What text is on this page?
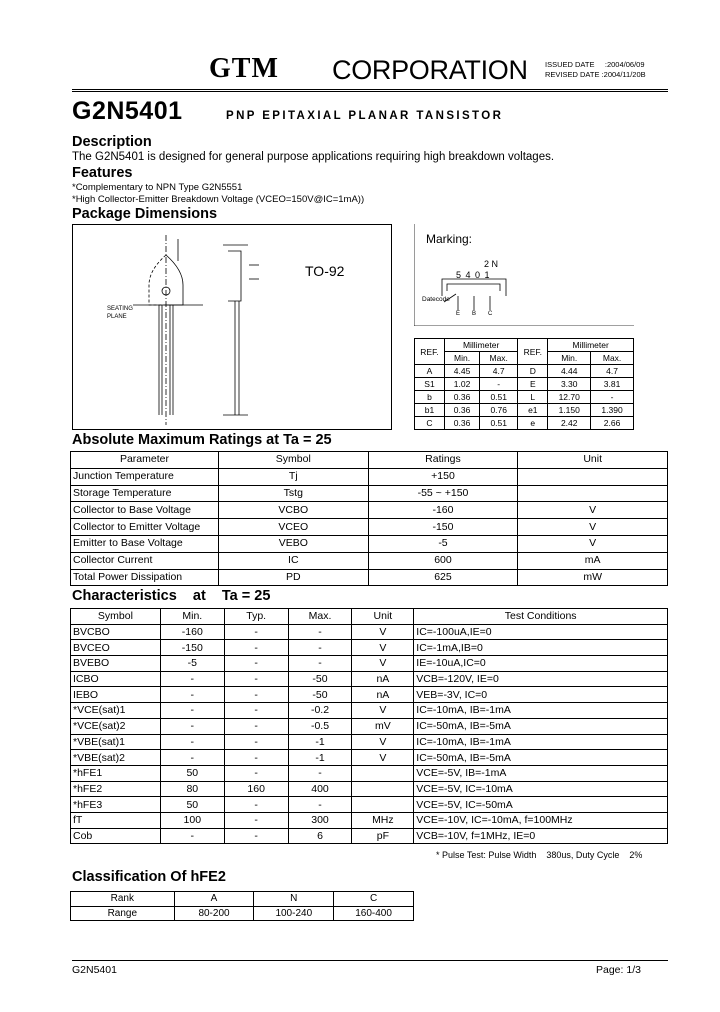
GTM CORPORATION ISSUED DATE :2004/06/09
REVISED DATE :2004/11/20B
G2N5401	PNP EPITAXIAL PLANAR TANSISTOR
Description
The G2N5401 is designed for general purpose applications requiring high breakdown voltages.
Features
*Complementary to NPN Type G2N5551
*High Collector-Emitter Breakdown Voltage (VCEO=150V@IC=1mA))
Package Dimensions
TO-92
SEATING PLANE
Marking:
2 N
5 4 0 1
Datecode
E B C
REF.	Millimeter		REF.	Millimeter	
	Min.	Max.		Min.	Max.
A	4.45	4.7	D	4.44	4.7
S1	1.02	-	E	3.30	3.81
b	0.36	0.51	L	12.70	-
b1	0.36	0.76	e1	1.150	1.390
C	0.36	0.51	e	2.42	2.66
Absolute Maximum Ratings at Ta = 25
Parameter	Symbol	Ratings	Unit
Junction Temperature	Tj	+150	
Storage Temperature	Tstg	-55 ~ +150	
Collector to Base Voltage	VCBO	-160	V
Collector to Emitter Voltage	VCEO	-150	V
Emitter to Base Voltage	VEBO	-5	V
Collector Current	IC	600	mA
Total Power Dissipation	PD	625	mW
Characteristics    at    Ta = 25
Symbol	Min.	Typ.	Max.	Unit	Test Conditions
BVCBO	-160	-	-	V	IC=-100uA,IE=0
BVCEO	-150	-	-	V	IC=-1mA,IB=0
BVEBO	-5	-	-	V	IE=-10uA,IC=0
ICBO	-	-	-50	nA	VCB=-120V, IE=0
IEBO	-	-	-50	nA	VEB=-3V, IC=0
*VCE(sat)1	-	-	-0.2	V	IC=-10mA, IB=-1mA
*VCE(sat)2	-	-	-0.5	mV	IC=-50mA, IB=-5mA
*VBE(sat)1	-	-	-1	V	IC=-10mA, IB=-1mA
*VBE(sat)2	-	-	-1	V	IC=-50mA, IB=-5mA
*hFE1	50	-	-		VCE=-5V, IB=-1mA
*hFE2	80	160	400		VCE=-5V, IC=-10mA
*hFE3	50	-	-		VCE=-5V, IC=-50mA
fT	100	-	300	MHz	VCE=-10V, IC=-10mA, f=100MHz
Cob	-	-	6	pF	VCB=-10V, f=1MHz, IE=0
* Pulse Test: Pulse Width    380us, Duty Cycle    2%
Classification Of hFE2
Rank	A	N	C
Range	80-200	100-240	160-400
G2N5401	Page: 1/3
